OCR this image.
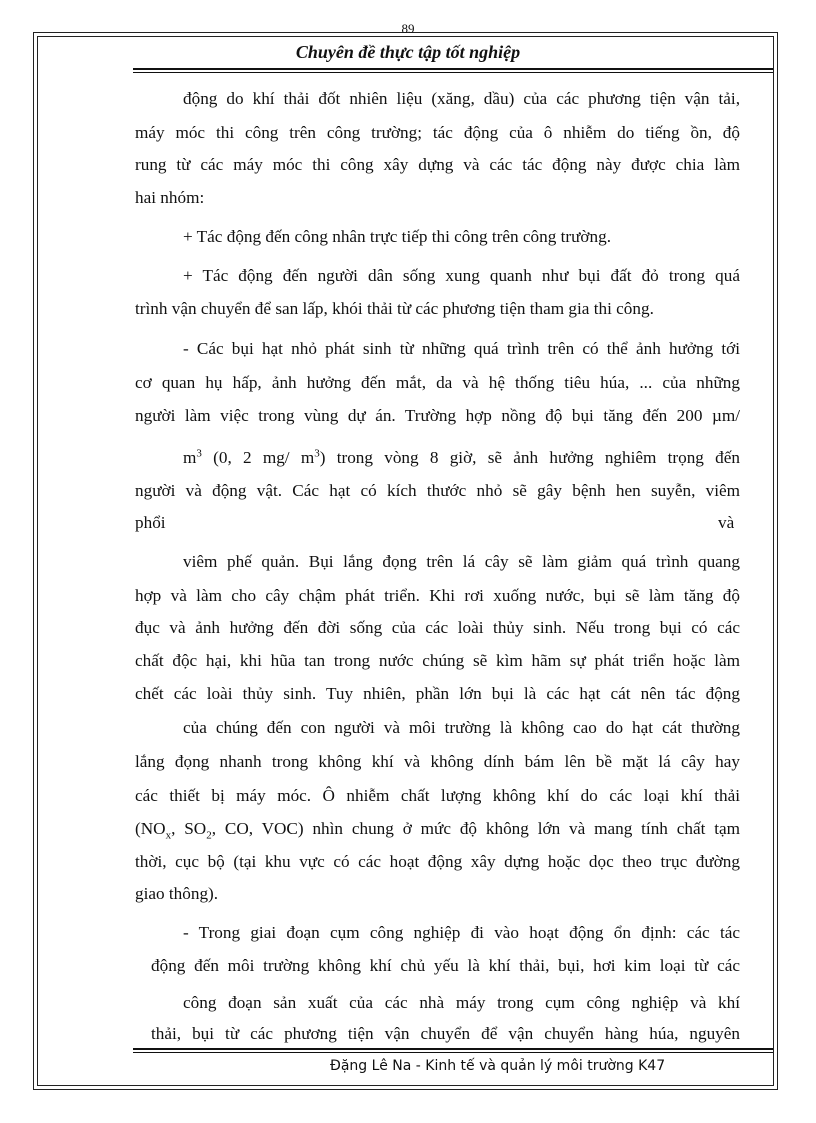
89
Chuyên đề thực tập tốt nghiệp
động do khí thải đốt nhiên liệu (xăng, dầu) của các phương tiện vận tải,
máy móc thi công trên công trường; tác động của ô nhiễm do tiếng ồn, độ
rung từ các máy móc thi công xây dựng và các tác động này được chia làm
hai nhóm:
+ Tác động đến công nhân trực tiếp thi công trên công trường.
+ Tác động đến người dân sống xung quanh như bụi đất đỏ trong quá
trình vận chuyển để san lấp, khói thải từ các phương tiện tham gia thi công.
- Các bụi hạt nhỏ phát sinh từ những quá trình trên có thể ảnh hưởng tới
cơ quan hụ hấp, ảnh hưởng đến mắt, da và hệ thống tiêu húa, ... của những
người làm việc trong vùng dự án. Trường hợp nồng độ bụi tăng đến 200 µm/
$m^3$ (0, 2 mg/ $m^3$) trong vòng 8 giờ, sẽ ảnh hưởng nghiêm trọng đến
người và động vật. Các hạt có kích thước nhỏ sẽ gây bệnh hen suyễn, viêm
phổi	và
viêm phế quản. Bụi lắng đọng trên lá cây sẽ làm giảm quá trình quang
hợp và làm cho cây chậm phát triển. Khi rơi xuống nước, bụi sẽ làm tăng độ
đục và ảnh hưởng đến đời sống của các loài thủy sinh. Nếu trong bụi có các
chất độc hại, khi hũa tan trong nước chúng sẽ kìm hãm sự phát triển hoặc làm
chết các loài thủy sinh. Tuy nhiên, phần lớn bụi là các hạt cát nên tác động
của chúng đến con người và môi trường là không cao do hạt cát thường
lắng đọng nhanh trong không khí và không dính bám lên bề mặt lá cây hay
các thiết bị máy móc. Ô nhiễm chất lượng không khí do các loại khí thải
($NO_x$, $SO_2$, CO, VOC) nhìn chung ở mức độ không lớn và mang tính chất tạm
thời, cục bộ (tại khu vực có các hoạt động xây dựng hoặc dọc theo trục đường
giao thông).
- Trong giai đoạn cụm công nghiệp đi vào hoạt động ổn định: các tác
động đến môi trường không khí chủ yếu là khí thải, bụi, hơi kim loại từ các
công đoạn sản xuất của các nhà máy trong cụm công nghiệp và khí
thải, bụi từ các phương tiện vận chuyển để vận chuyển hàng húa, nguyên
Đặng Lê Na - Kinh tế và quản lý môi trường K47
